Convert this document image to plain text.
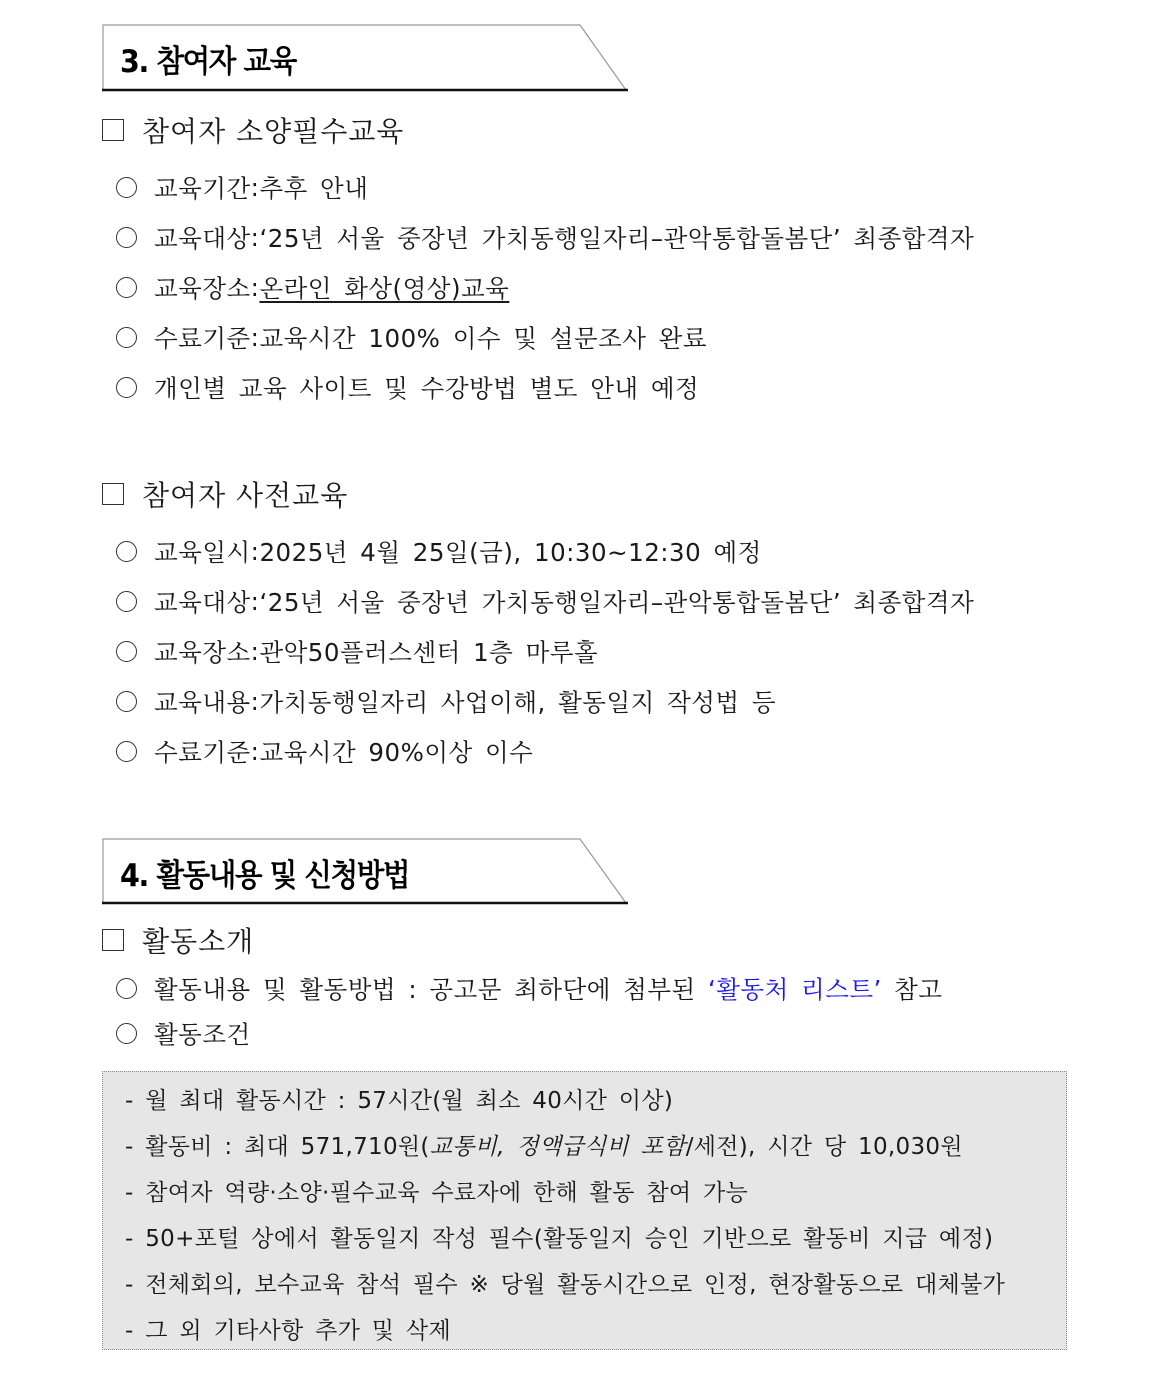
3. 참여자 교육
참여자 소양필수교육
교육기간 : 추후 안내
교육대상 : ‘25년 서울 중장년 가치동행일자리–관악통합돌봄단’ 최종합격자
교육장소 : 온라인 화상(영상)교육
수료기준 : 교육시간 100% 이수 및 설문조사 완료
개인별 교육 사이트 및 수강방법 별도 안내 예정
참여자 사전교육
교육일시 : 2025년 4월 25일(금), 10:30~12:30 예정
교육대상 : ‘25년 서울 중장년 가치동행일자리–관악통합돌봄단’ 최종합격자
교육장소 : 관악50플러스센터 1층 마루홀
교육내용 : 가치동행일자리 사업이해, 활동일지 작성법 등
수료기준 : 교육시간 90%이상 이수
4. 활동내용 및 신청방법
활동소개
활동내용 및 활동방법 : 공고문 최하단에 첨부된 ‘활동처 리스트’ 참고
활동조건
- 월 최대 활동시간 : 57시간(월 최소 40시간 이상)
- 활동비 : 최대 571,710원(교통비, 정액급식비 포함/세전), 시간 당 10,030원
- 참여자 역량·소양·필수교육 수료자에 한해 활동 참여 가능
- 50+포털 상에서 활동일지 작성 필수(활동일지 승인 기반으로 활동비 지급 예정)
- 전체회의, 보수교육 참석 필수 ※ 당월 활동시간으로 인정, 현장활동으로 대체불가
- 그 외 기타사항 추가 및 삭제
